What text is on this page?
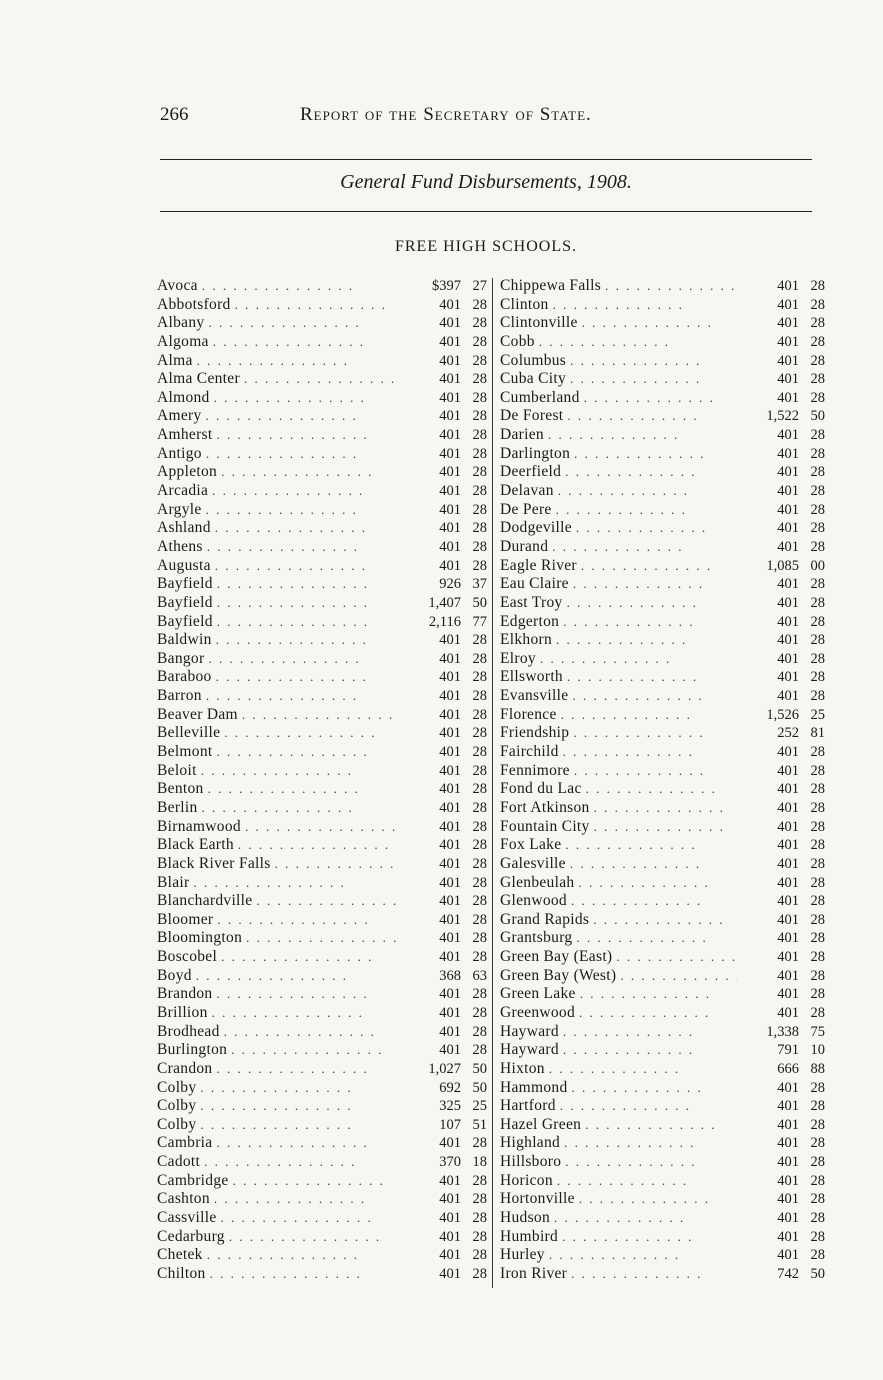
266	Report of the Secretary of State.
General Fund Disbursements, 1908.
FREE HIGH SCHOOLS.
Avoca . . .	$397 27
Abbotsford . . .	401 28
Albany . . .	401 28
Algoma . . .	401 28
Alma . . .	401 28
Alma Center . . .	401 28
Almond . . .	401 28
Amery . . .	401 28
Amherst . . .	401 28
Antigo . . .	401 28
Appleton . . .	401 28
Arcadia . . .	401 28
Argyle . . .	401 28
Ashland . . .	401 28
Athens . . .	401 28
Augusta . . .	401 28
Bayfield . . .	926 37
Bayfield . . .	1,407 50
Bayfield . . .	2,116 77
Baldwin . . .	401 28
Bangor . . .	401 28
Baraboo . . .	401 28
Barron . . .	401 28
Beaver Dam . . .	401 28
Belleville . . .	401 28
Belmont . . .	401 28
Beloit . . .	401 28
Benton . . .	401 28
Berlin . . .	401 28
Birnamwood . . .	401 28
Black Earth . . .	401 28
Black River Falls . . .	401 28
Blair . . .	401 28
Blanchardville . . .	401 28
Bloomer . . .	401 28
Bloomington . . .	401 28
Boscobel . . .	401 28
Boyd . . .	368 63
Brandon . . .	401 28
Brillion . . .	401 28
Brodhead . . .	401 28
Burlington . . .	401 28
Crandon . . .	1,027 50
Colby . . .	692 50
Colby . . .	325 25
Colby . . .	107 51
Cambria . . .	401 28
Cadott . . .	370 18
Cambridge . . .	401 28
Cashton . . .	401 28
Cassville . . .	401 28
Cedarburg . . .	401 28
Chetek . . .	401 28
Chilton . . .	401 28
Chippewa Falls . . .	401 28
Clinton . . .	401 28
Clintonville . . .	401 28
Cobb . . .	401 28
Columbus . . .	401 28
Cuba City . . .	401 28
Cumberland . . .	401 28
De Forest . . .	1,522 50
Darien . . .	401 28
Darlington . . .	401 28
Deerfield . . .	401 28
Delavan . . .	401 28
De Pere . . .	401 28
Dodgeville . . .	401 28
Durand . . .	401 28
Eagle River . . .	1,085 00
Eau Claire . . .	401 28
East Troy . . .	401 28
Edgerton . . .	401 28
Elkhorn . . .	401 28
Elroy . . .	401 28
Ellsworth . . .	401 28
Evansville . . .	401 28
Florence . . .	1,526 25
Friendship . . .	252 81
Fairchild . . .	401 28
Fennimore . . .	401 28
Fond du Lac . . .	401 28
Fort Atkinson . . .	401 28
Fountain City . . .	401 28
Fox Lake . . .	401 28
Galesville . . .	401 28
Glenbeulah . . .	401 28
Glenwood . . .	401 28
Grand Rapids . . .	401 28
Grantsburg . . .	401 28
Green Bay (East) . . .	401 28
Green Bay (West) . . .	401 28
Green Lake . . .	401 28
Greenwood . . .	401 28
Hayward . . .	1,338 75
Hayward . . .	791 10
Hixton . . .	666 88
Hammond . . .	401 28
Hartford . . .	401 28
Hazel Green . . .	401 28
Highland . . .	401 28
Hillsboro . . .	401 28
Horicon . . .	401 28
Hortonville . . .	401 28
Hudson . . .	401 28
Humbird . . .	401 28
Hurley . . .	401 28
Iron River . . .	742 50
